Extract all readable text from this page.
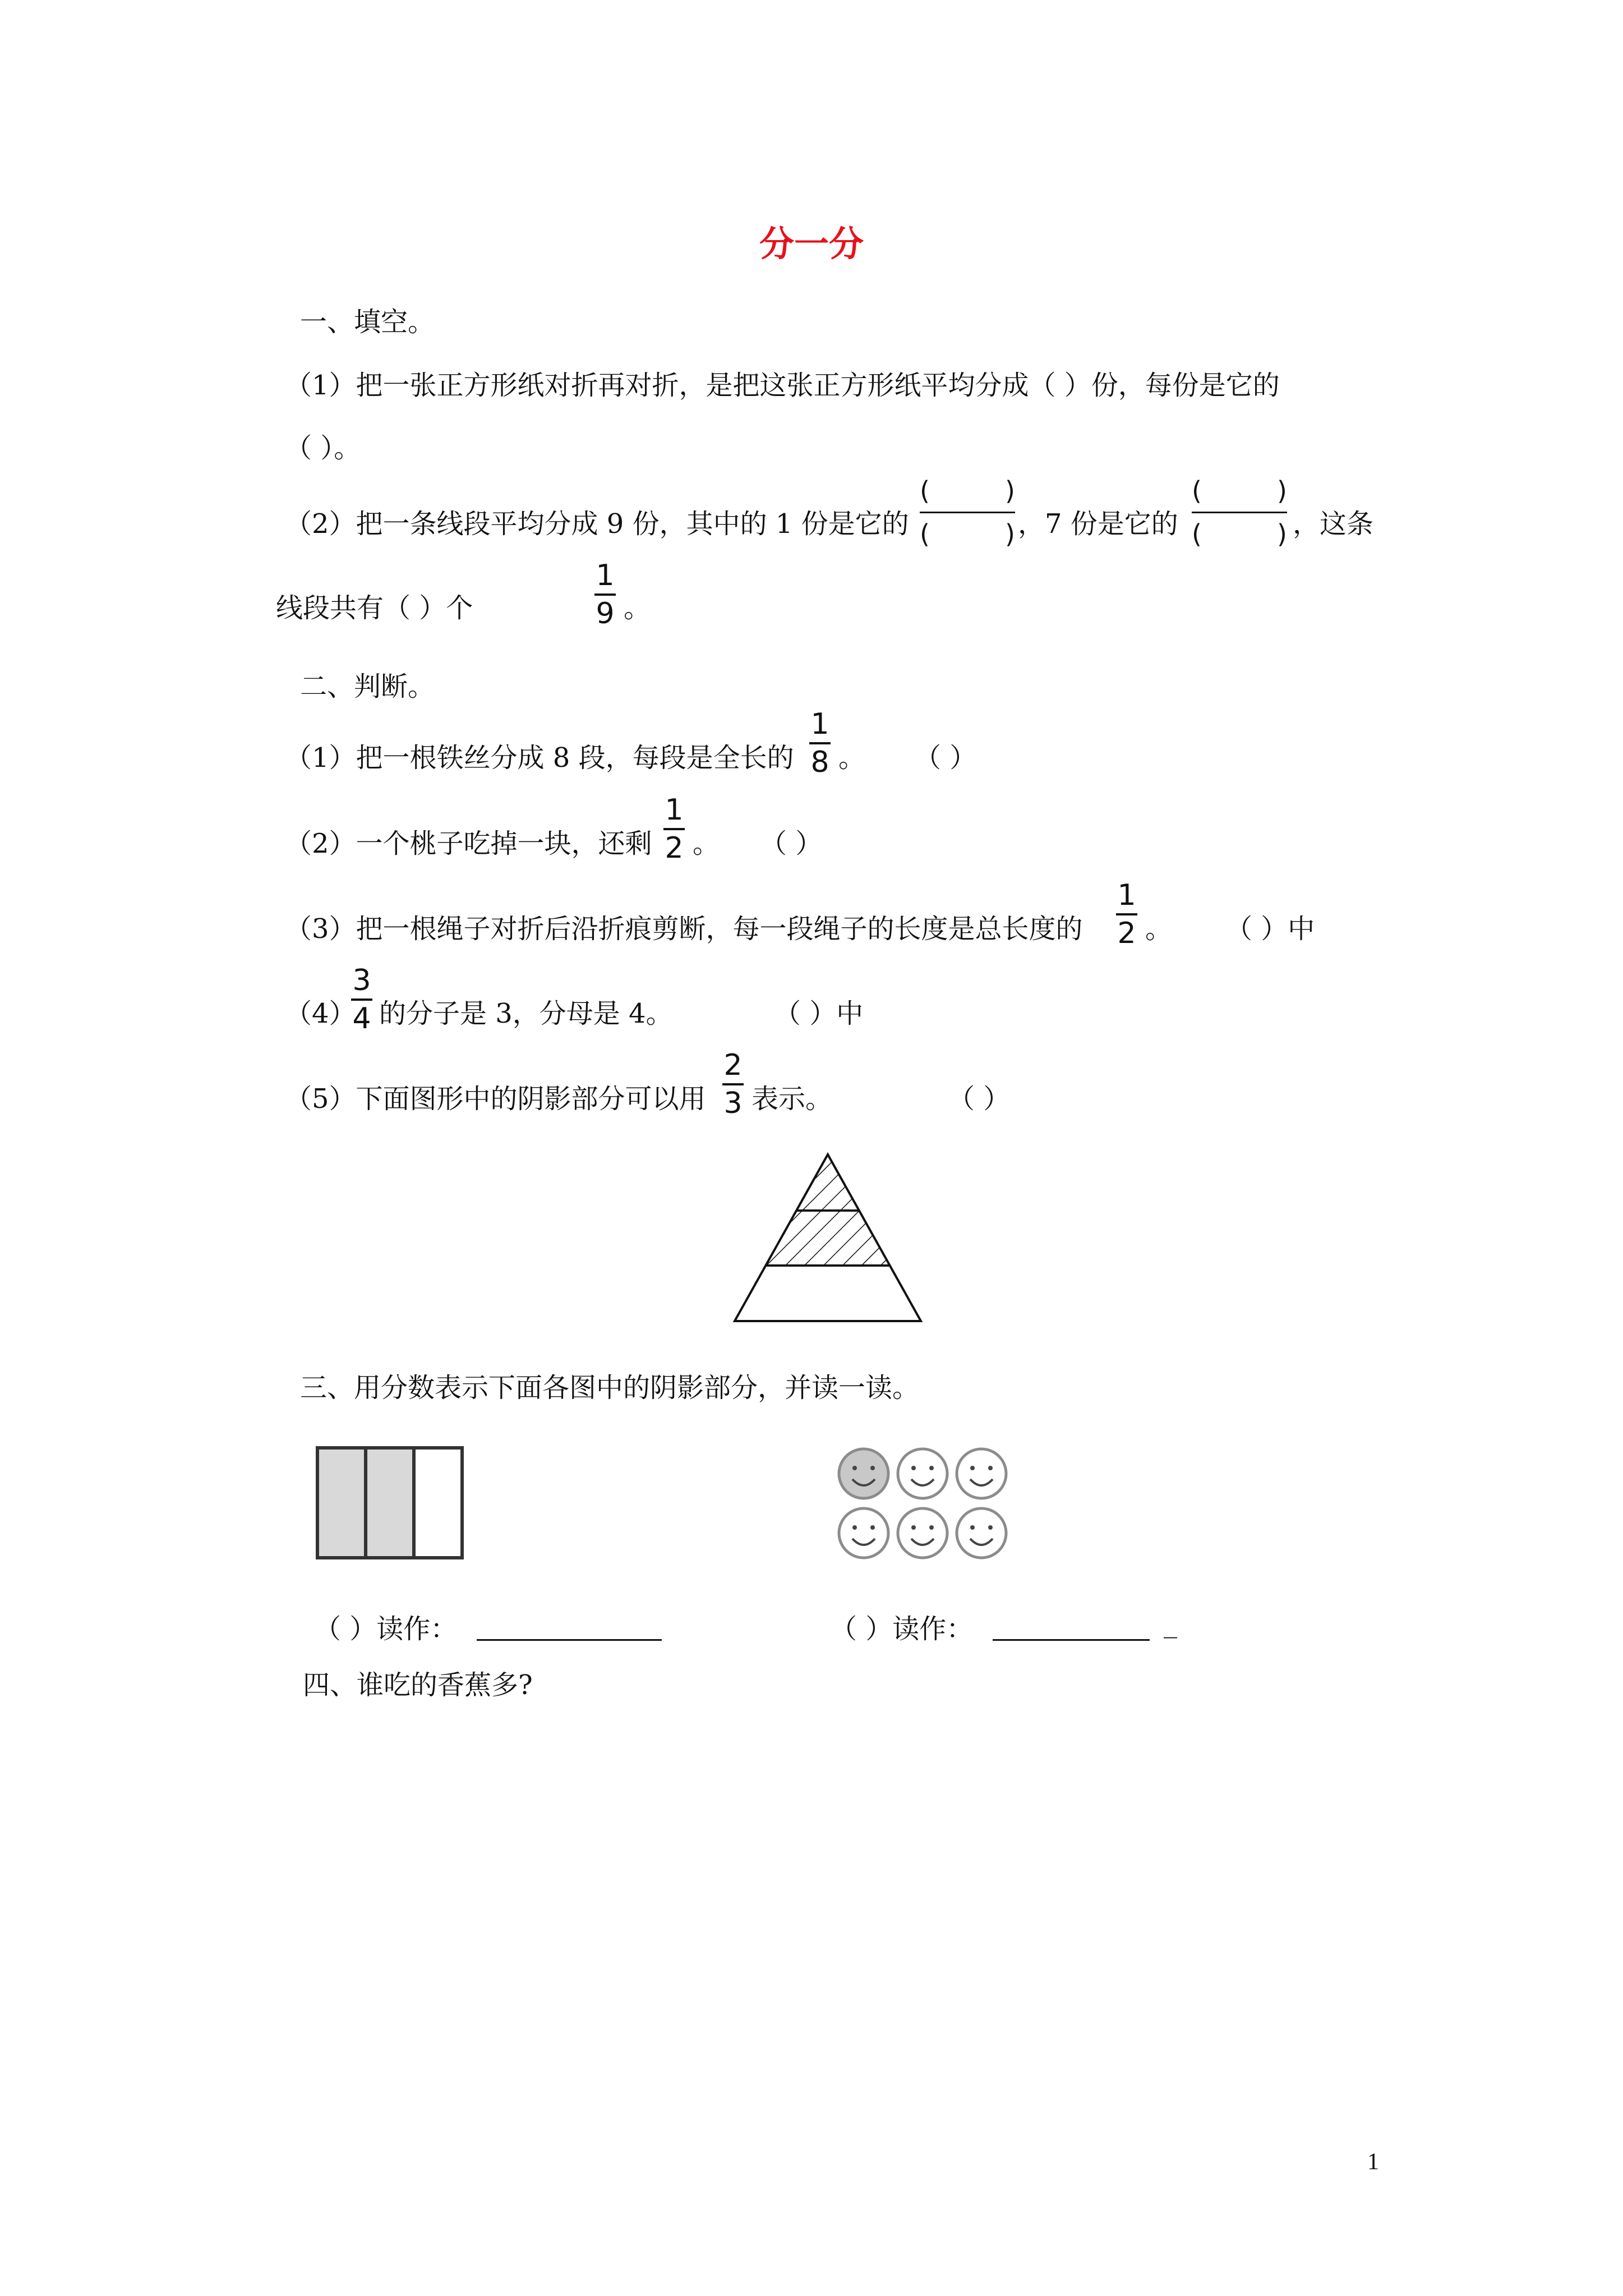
分一分
一、填空。
（1）把一张正方形纸对折再对折，是把这张正方形纸平均分成（ ）份，每份是它的
（ ）。
（2）把一条线段平均分成 9 份，其中的 1 份是它的
(	)
(	) ，7 份是它的
(	)
(	) ，这条
线段共有（ ）个
1
9 。
二、判断。
（1）把一根铁丝分成 8 段，每段是全长的
1
8 。 （ ）
（2）一个桃子吃掉一块，还剩
1
2 。 （ ）
（3）把一根绳子对折后沿折痕剪断，每一段绳子的长度是总长度的
1
2 。 （ ）中
（4）
3
4 的分子是 3，分母是 4。	（ ）中
（5）下面图形中的阴影部分可以用
2
3 表示。	（ ）
三、用分数表示下面各图中的阴影部分，并读一读。
（ ）读作：	（ ）读作：	_
四、谁吃的香蕉多?
1
